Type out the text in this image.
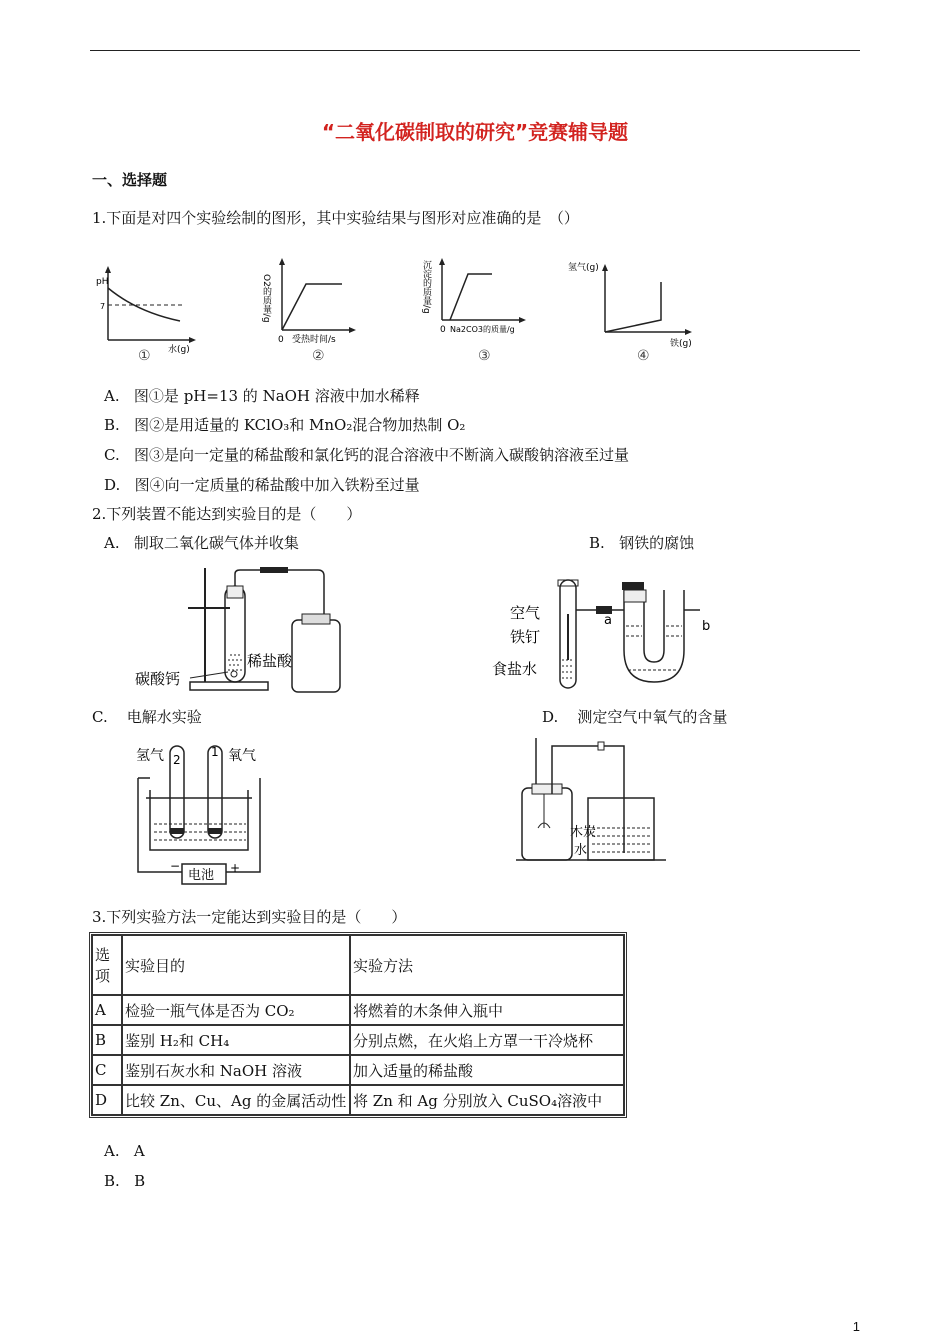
“二氧化碳制取的研究”竞赛辅导题
一、选择题
1.下面是对四个实验绘制的图形，其中实验结果与图形对应准确的是　（）
pH
7
水(g)
①
O2的质量/g
0 受热时间/s
②
沉淀的质量/g
0 Na2CO3的质量/g
③
氢气(g)
铁(g)
④
A. 图①是 pH=13 的 NaOH 溶液中加水稀释
B. 图②是用适量的 KClO₃和 MnO₂混合物加热制 O₂
C. 图③是向一定量的稀盐酸和氯化钙的混合溶液中不断滴入碳酸钠溶液至过量
D. 图④向一定质量的稀盐酸中加入铁粉至过量
2.下列装置不能达到实验目的是（　　）
A. 制取二氧化碳气体并收集	B. 钢铁的腐蚀
稀盐酸
碳酸钙
空气
铁钉
食盐水
a	b
C. 电解水实验	D. 测定空气中氧气的含量
氢气	氧气
2
1
电池
−	+
木炭
水
3.下列实验方法一定能达到实验目的是（　　）
选项	实验目的	实验方法
A	检验一瓶气体是否为 CO₂	将燃着的木条伸入瓶中
B	鉴别 H₂和 CH₄	分别点燃，在火焰上方罩一干冷烧杯
C	鉴别石灰水和 NaOH 溶液	加入适量的稀盐酸
D	比较 Zn、Cu、Ag 的金属活动性	将 Zn 和 Ag 分别放入 CuSO₄溶液中
A. A
B. B
1
